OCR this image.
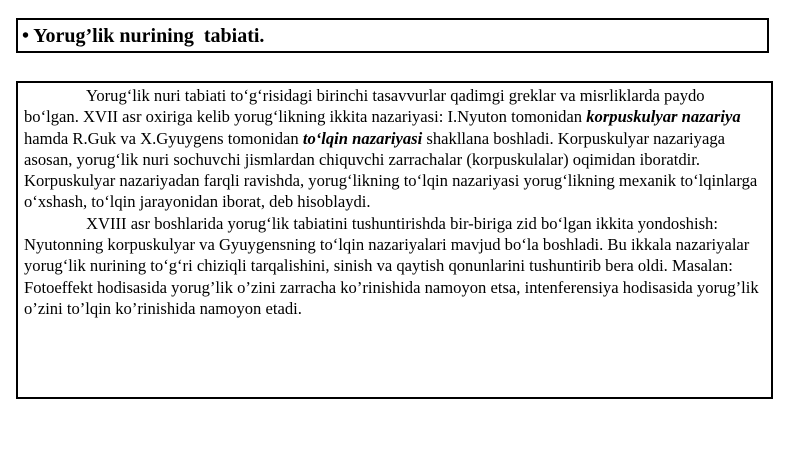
• Yorug’lik nurining  tabiati.

Yorug‘lik nuri tabiati to‘g‘risidagi birinchi tasavvurlar qadimgi greklar va misrliklarda paydo bo‘lgan. XVII asr oxiriga kelib yorug‘likning ikkita nazariyasi: I.Nyuton tomonidan korpuskulyar nazariya hamda R.Guk va X.Gyuygens tomonidan to‘lqin nazariyasi shakllana boshladi. Korpuskulyar nazariyaga asosan, yorug‘lik nuri sochuvchi jismlardan chiquvchi zarrachalar (korpuskulalar) oqimidan iboratdir. Korpuskulyar nazariyadan farqli ravishda, yorug‘likning to‘lqin nazariyasi yorug‘likning mexanik to‘lqinlarga o‘xshash, to‘lqin jarayonidan iborat, deb hisoblaydi.

XVIII asr boshlarida yorug‘lik tabiatini tushuntirishda bir-biriga zid bo‘lgan ikkita yondoshish: Nyutonning korpuskulyar va Gyuygensning to‘lqin nazariyalari mavjud bo‘la boshladi. Bu ikkala nazariyalar yorug‘lik nurining to‘g‘ri chiziqli tarqalishini, sinish va qaytish qonunlarini tushuntirib bera oldi. Masalan: Fotoeffekt hodisasida yorug’lik o’zini zarracha ko’rinishida namoyon etsa, intenferensiya hodisasida yorug’lik o’zini to’lqin ko’rinishida namoyon etadi.
